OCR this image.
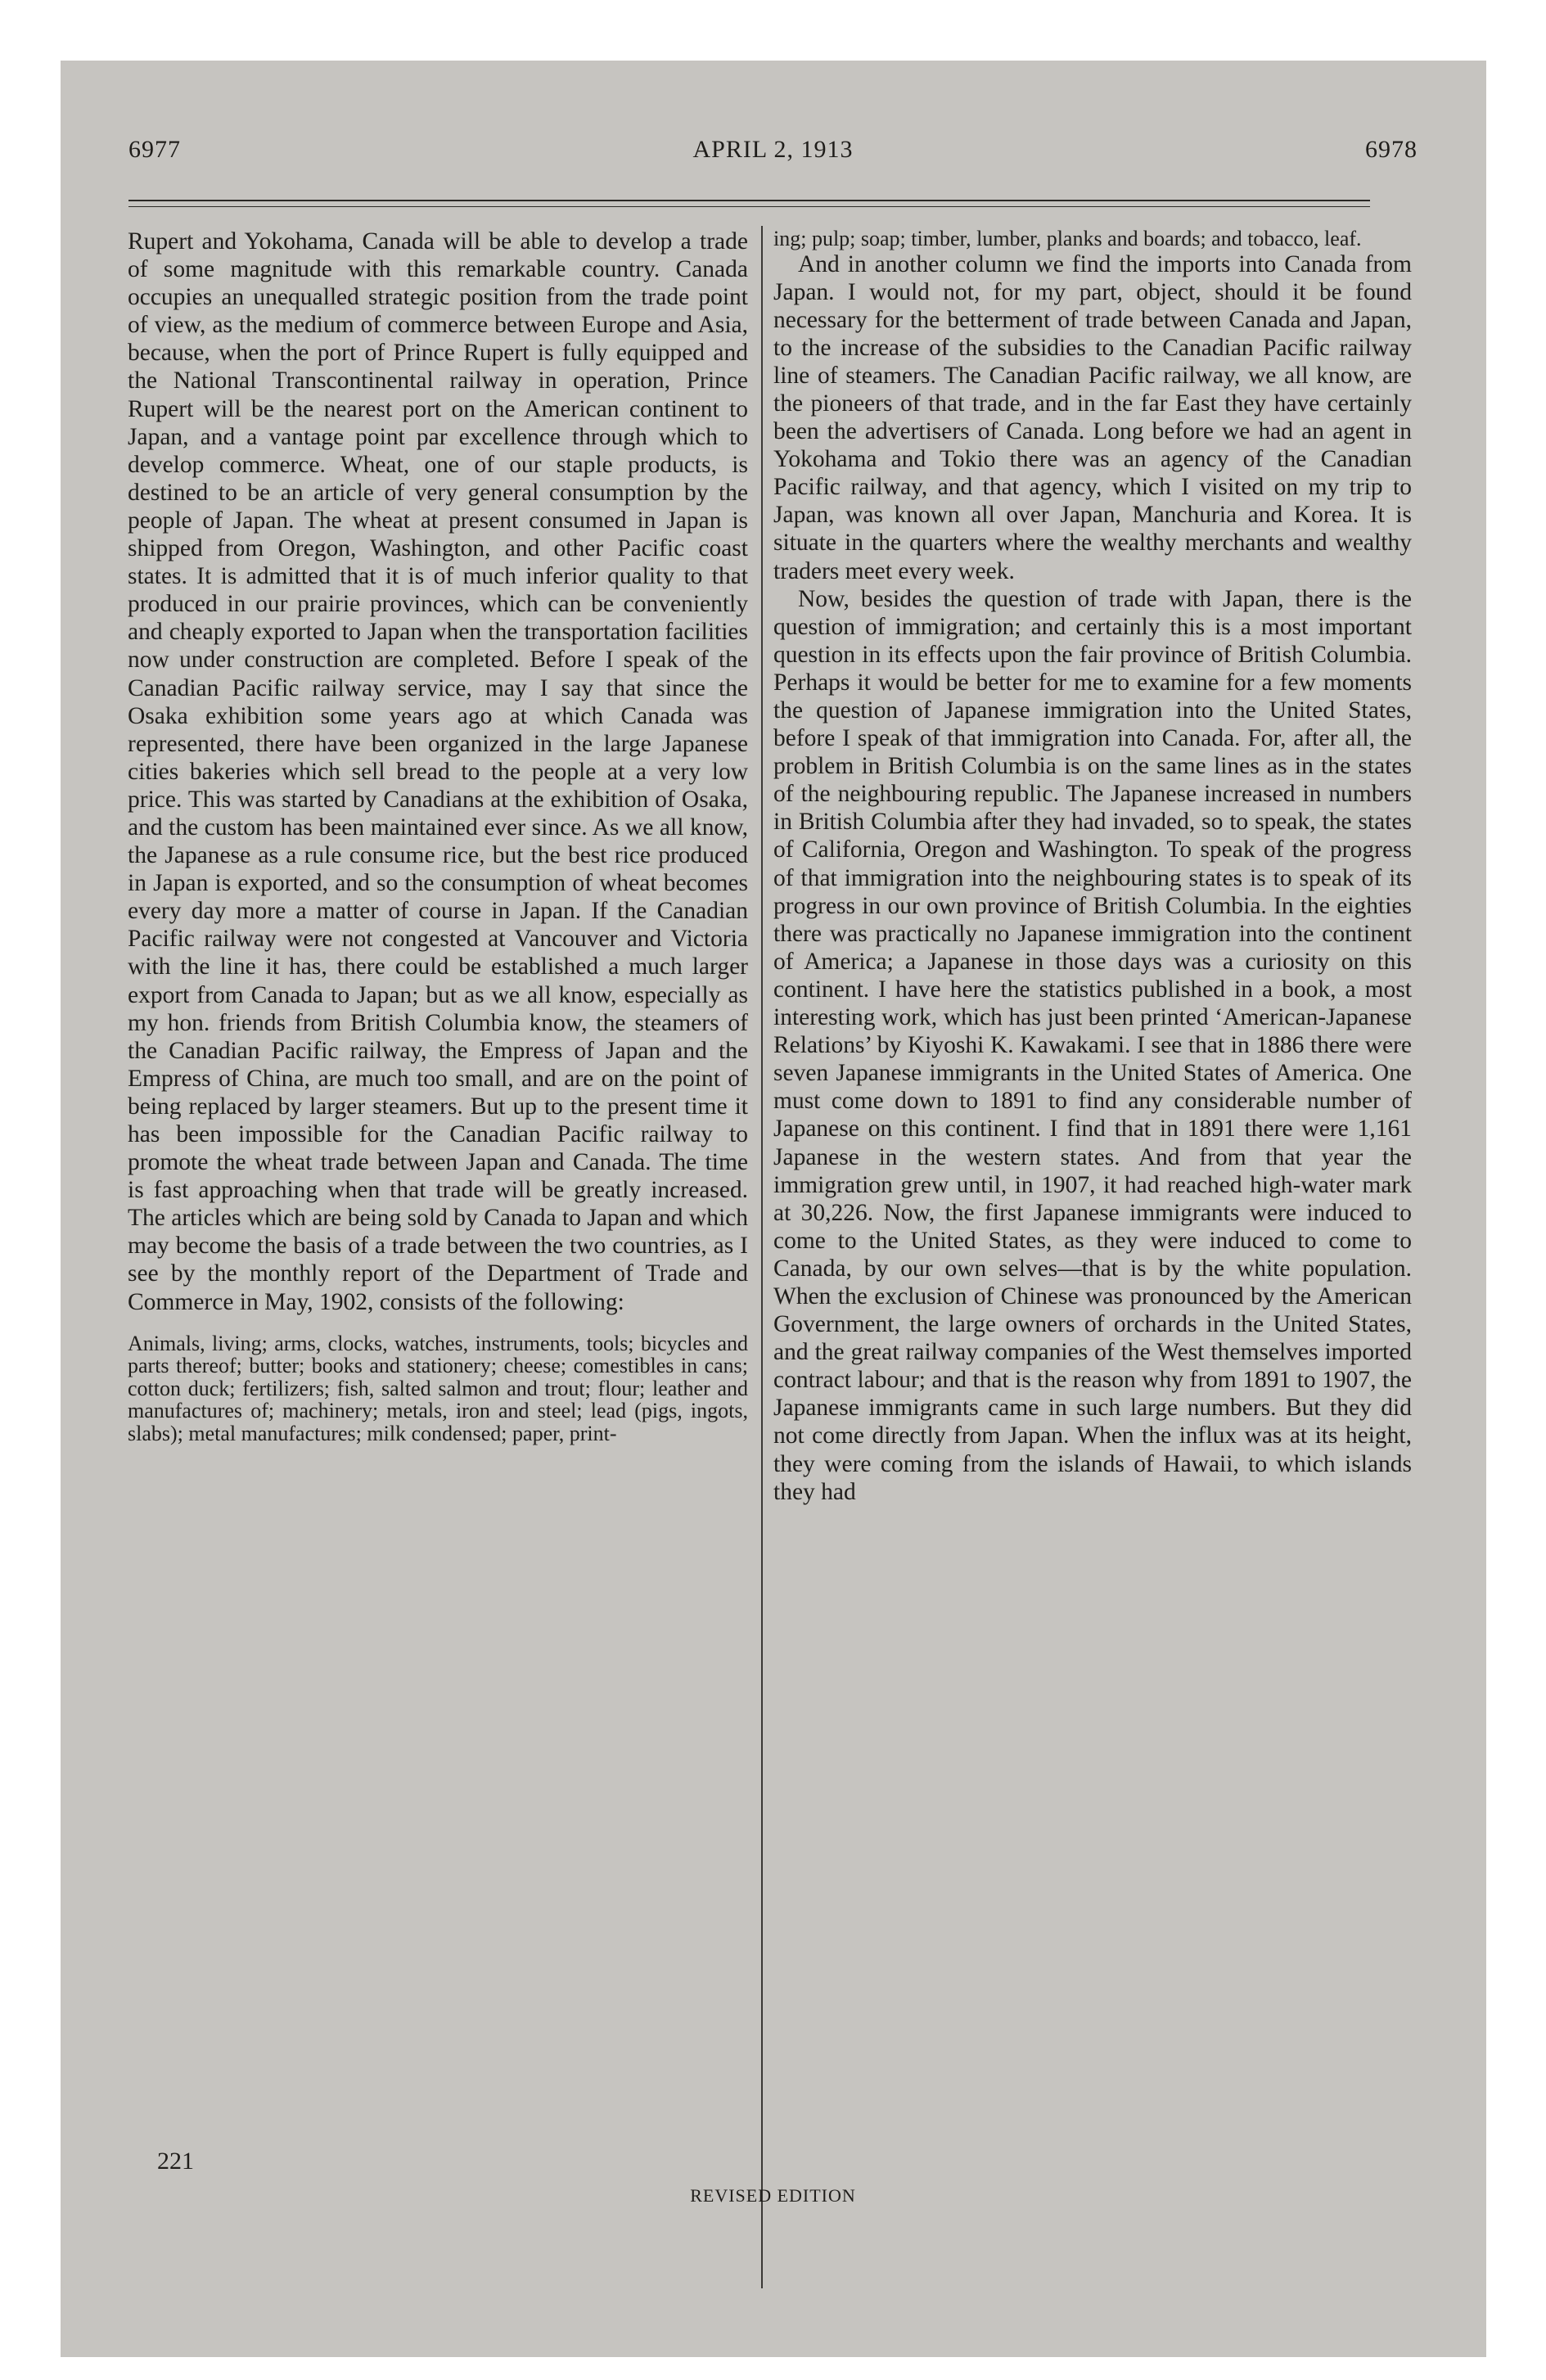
6977	APRIL 2, 1913	6978

Rupert and Yokohama, Canada will be able to develop a trade of some magnitude with this remarkable country. Canada occupies an unequalled strategic position from the trade point of view, as the medium of commerce between Europe and Asia, because, when the port of Prince Rupert is fully equipped and the National Transcontinental railway in operation, Prince Rupert will be the nearest port on the American continent to Japan, and a vantage point par excellence through which to develop commerce. Wheat, one of our staple products, is destined to be an article of very general consumption by the people of Japan. The wheat at present consumed in Japan is shipped from Oregon, Washington, and other Pacific coast states. It is admitted that it is of much inferior quality to that produced in our prairie provinces, which can be conveniently and cheaply exported to Japan when the transportation facilities now under construction are completed. Before I speak of the Canadian Pacific railway service, may I say that since the Osaka exhibition some years ago at which Canada was represented, there have been organized in the large Japanese cities bakeries which sell bread to the people at a very low price. This was started by Canadians at the exhibition of Osaka, and the custom has been maintained ever since. As we all know, the Japanese as a rule consume rice, but the best rice produced in Japan is exported, and so the consumption of wheat becomes every day more a matter of course in Japan. If the Canadian Pacific railway were not congested at Vancouver and Victoria with the line it has, there could be established a much larger export from Canada to Japan; but as we all know, especially as my hon. friends from British Columbia know, the steamers of the Canadian Pacific railway, the Empress of Japan and the Empress of China, are much too small, and are on the point of being replaced by larger steamers. But up to the present time it has been impossible for the Canadian Pacific railway to promote the wheat trade between Japan and Canada. The time is fast approaching when that trade will be greatly increased. The articles which are being sold by Canada to Japan and which may become the basis of a trade between the two countries, as I see by the monthly report of the Department of Trade and Commerce in May, 1902, consists of the following:

Animals, living; arms, clocks, watches, instruments, tools; bicycles and parts thereof; butter; books and stationery; cheese; comestibles in cans; cotton duck; fertilizers; fish, salted salmon and trout; flour; leather and manufactures of; machinery; metals, iron and steel; lead (pigs, ingots, slabs); metal manufactures; milk condensed; paper, print-

ing; pulp; soap; timber, lumber, planks and boards; and tobacco, leaf.

And in another column we find the imports into Canada from Japan. I would not, for my part, object, should it be found necessary for the betterment of trade between Canada and Japan, to the increase of the subsidies to the Canadian Pacific railway line of steamers. The Canadian Pacific railway, we all know, are the pioneers of that trade, and in the far East they have certainly been the advertisers of Canada. Long before we had an agent in Yokohama and Tokio there was an agency of the Canadian Pacific railway, and that agency, which I visited on my trip to Japan, was known all over Japan, Manchuria and Korea. It is situate in the quarters where the wealthy merchants and wealthy traders meet every week.

Now, besides the question of trade with Japan, there is the question of immigration; and certainly this is a most important question in its effects upon the fair province of British Columbia. Perhaps it would be better for me to examine for a few moments the question of Japanese immigration into the United States, before I speak of that immigration into Canada. For, after all, the problem in British Columbia is on the same lines as in the states of the neighbouring republic. The Japanese increased in numbers in British Columbia after they had invaded, so to speak, the states of California, Oregon and Washington. To speak of the progress of that immigration into the neighbouring states is to speak of its progress in our own province of British Columbia. In the eighties there was practically no Japanese immigration into the continent of America; a Japanese in those days was a curiosity on this continent. I have here the statistics published in a book, a most interesting work, which has just been printed ‘American-Japanese Relations’ by Kiyoshi K. Kawakami. I see that in 1886 there were seven Japanese immigrants in the United States of America. One must come down to 1891 to find any considerable number of Japanese on this continent. I find that in 1891 there were 1,161 Japanese in the western states. And from that year the immigration grew until, in 1907, it had reached high-water mark at 30,226. Now, the first Japanese immigrants were induced to come to the United States, as they were induced to come to Canada, by our own selves—that is by the white population. When the exclusion of Chinese was pronounced by the American Government, the large owners of orchards in the United States, and the great railway companies of the West themselves imported contract labour; and that is the reason why from 1891 to 1907, the Japanese immigrants came in such large numbers. But they did not come directly from Japan. When the influx was at its height, they were coming from the islands of Hawaii, to which islands they had

221
REVISED EDITION
